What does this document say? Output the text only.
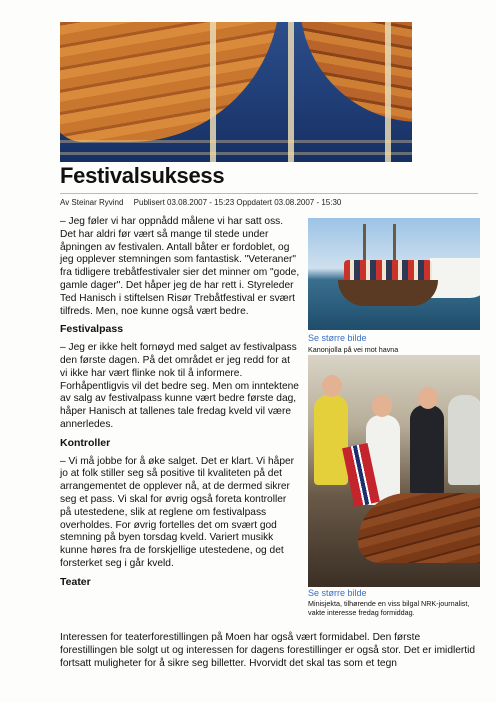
Festivalsuksess
Av Steinar Ryvind Publisert 03.08.2007 - 15:23 Oppdatert 03.08.2007 - 15:30

– Jeg føler vi har oppnådd målene vi har satt oss. Det har aldri før vært så mange til stede under åpningen av festivalen. Antall båter er fordoblet, og jeg opplever stemningen som fantastisk. "Veteraner" fra tidligere trebåtfestivaler sier det minner om "gode, gamle dager". Det håper jeg de har rett i. Styreleder Ted Hanisch i stiftelsen Risør Trebåtfestival er svært tilfreds. Men, noe kunne også vært bedre.

Festivalpass

– Jeg er ikke helt fornøyd med salget av festivalpass den første dagen. På det området er jeg redd for at vi ikke har vært flinke nok til å informere. Forhåpentligvis vil det bedre seg. Men om inntektene av salg av festivalpass kunne vært bedre første dag, håper Hanisch at tallenes tale fredag kveld vil være annerledes.

Kontroller

– Vi må jobbe for å øke salget. Det er klart. Vi håper jo at folk stiller seg så positive til kvaliteten på det arrangementet de opplever nå, at de dermed sikrer seg et pass. Vi skal for øvrig også foreta kontroller på utestedene, slik at reglene om festivalpass overholdes. For øvrig fortelles det om svært god stemning på byen torsdag kveld. Variert musikk kunne høres fra de forskjellige utestedene, og det forsterket seg i går kveld.

Teater
Se større bilde
Kanonjolla på vei mot havna
Se større bilde
Minisjekta, tilhørende en viss bilgal NRK-journalist, vakte interesse fredag formiddag.

Interessen for teaterforestillingen på Moen har også vært formidabel. Den første forestillingen ble solgt ut og interessen for dagens forestillinger er også stor. Det er imidlertid fortsatt muligheter for å sikre seg billetter. Hvorvidt det skal tas som et tegn
